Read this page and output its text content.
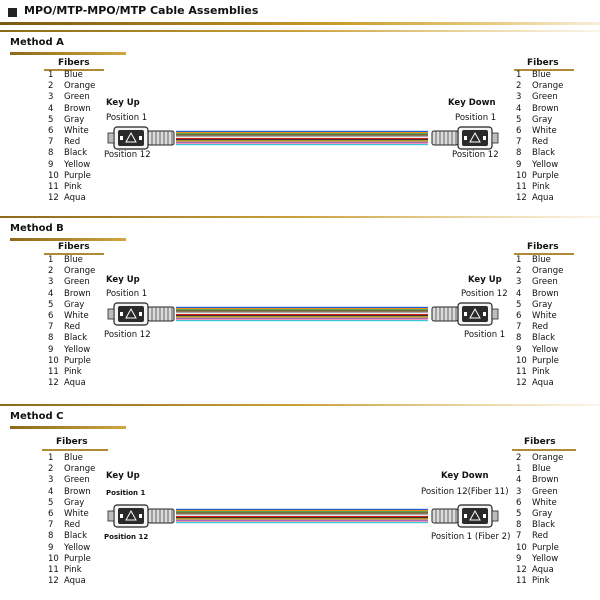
MPO/MTP-MPO/MTP Cable Assemblies
Method A
Fibers
1 Blue
2 Orange
3 Green
4 Brown
5 Gray
6 White
7 Red
8 Black
9 Yellow
10 Purple
11 Pink
12 Aqua
Fibers
1 Blue
2 Orange
3 Green
4 Brown
5 Gray
6 White
7 Red
8 Black
9 Yellow
10 Purple
11 Pink
12 Aqua
Key Up
Position 1
Position 12
Key Down
Position 1
Position 12
Method B
Fibers
1 Blue
2 Orange
3 Green
4 Brown
5 Gray
6 White
7 Red
8 Black
9 Yellow
10 Purple
11 Pink
12 Aqua
Fibers
1 Blue
2 Orange
3 Green
4 Brown
5 Gray
6 White
7 Red
8 Black
9 Yellow
10 Purple
11 Pink
12 Aqua
Key Up
Position 1
Position 12
Key Up
Position 12
Position 1
Method C
Fibers
1 Blue
2 Orange
3 Green
4 Brown
5 Gray
6 White
7 Red
8 Black
9 Yellow
10 Purple
11 Pink
12 Aqua
Fibers
2 Orange
1 Blue
4 Brown
3 Green
6 White
5 Gray
8 Black
7 Red
10 Purple
9 Yellow
12 Aqua
11 Pink
Key Up
Position 1
Position 12
Key Down
Position 12(Fiber 11)
Position 1 (Fiber 2)
